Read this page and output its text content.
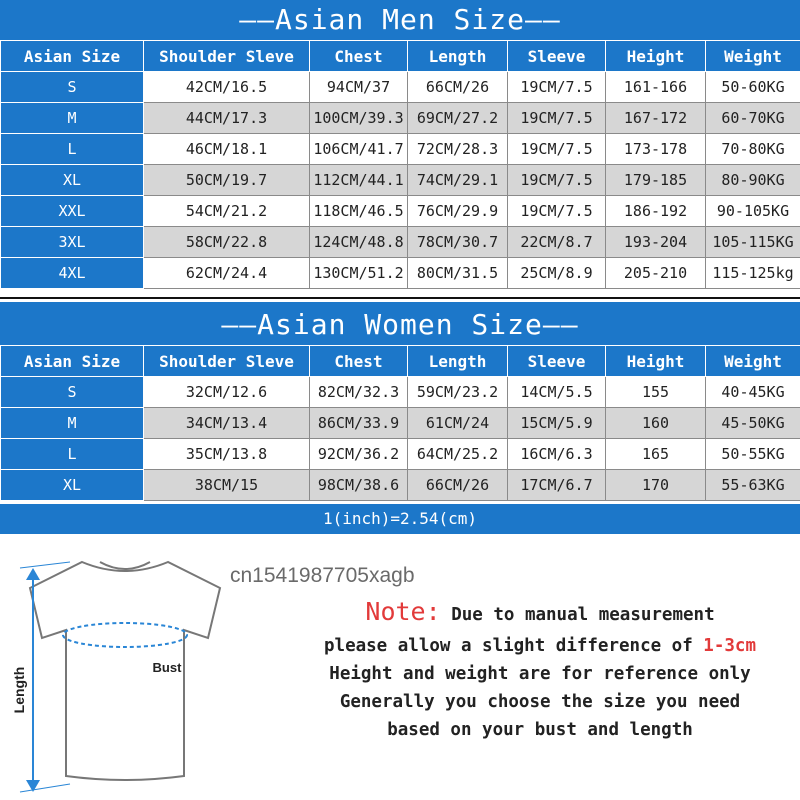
——Asian Men Size——
Asian Size	Shoulder Sleve	Chest	Length	Sleeve	Height	Weight
S	42CM/16.5	94CM/37	66CM/26	19CM/7.5	161-166	50-60KG
M	44CM/17.3	100CM/39.3	69CM/27.2	19CM/7.5	167-172	60-70KG
L	46CM/18.1	106CM/41.7	72CM/28.3	19CM/7.5	173-178	70-80KG
XL	50CM/19.7	112CM/44.1	74CM/29.1	19CM/7.5	179-185	80-90KG
XXL	54CM/21.2	118CM/46.5	76CM/29.9	19CM/7.5	186-192	90-105KG
3XL	58CM/22.8	124CM/48.8	78CM/30.7	22CM/8.7	193-204	105-115KG
4XL	62CM/24.4	130CM/51.2	80CM/31.5	25CM/8.9	205-210	115-125kg
——Asian Women Size——
Asian Size	Shoulder Sleve	Chest	Length	Sleeve	Height	Weight
S	32CM/12.6	82CM/32.3	59CM/23.2	14CM/5.5	155	40-45KG
M	34CM/13.4	86CM/33.9	61CM/24	15CM/5.9	160	45-50KG
L	35CM/13.8	92CM/36.2	64CM/25.2	16CM/6.3	165	50-55KG
XL	38CM/15	98CM/38.6	66CM/26	17CM/6.7	170	55-63KG
1(inch)=2.54(cm)
Length	Bust
cn1541987705xagb
Note: Due to manual measurement
please allow a slight difference of 1-3cm
Height and weight are for reference only
Generally you choose the size you need
based on your bust and length
